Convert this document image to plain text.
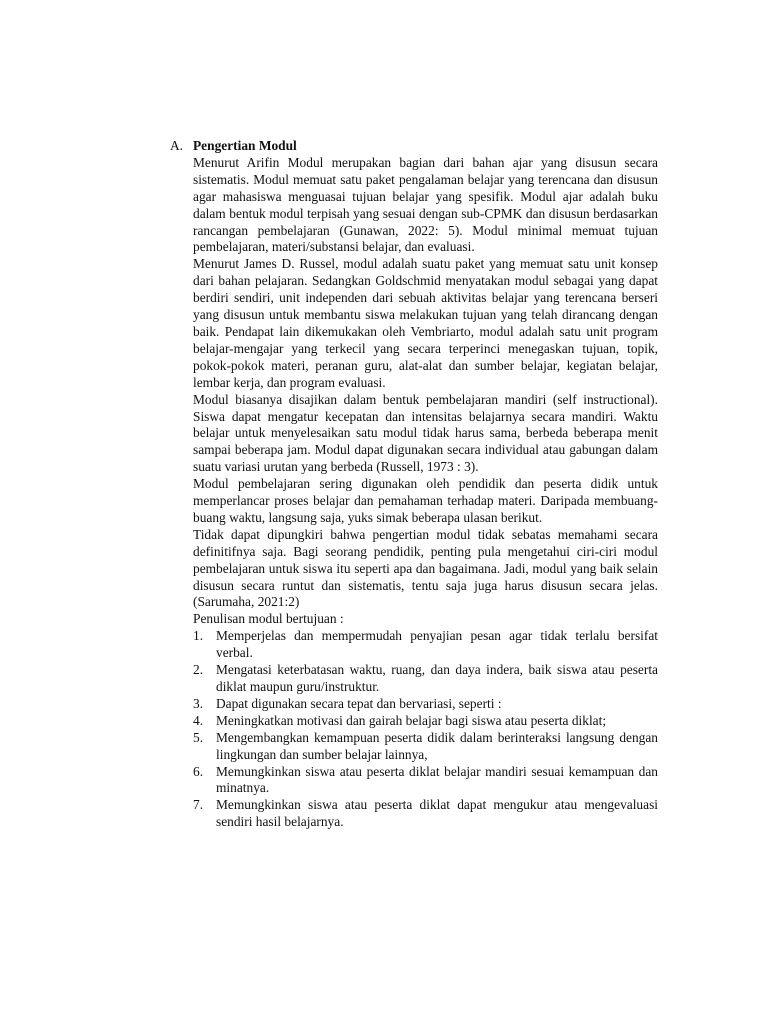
A. Pengertian Modul

Menurut Arifin Modul merupakan bagian dari bahan ajar yang disusun secara sistematis. Modul memuat satu paket pengalaman belajar yang terencana dan disusun agar mahasiswa menguasai tujuan belajar yang spesifik. Modul ajar adalah buku dalam bentuk modul terpisah yang sesuai dengan sub-CPMK dan disusun berdasarkan rancangan pembelajaran (Gunawan, 2022: 5). Modul minimal memuat tujuan pembelajaran, materi/substansi belajar, dan evaluasi.

Menurut James D. Russel, modul adalah suatu paket yang memuat satu unit konsep dari bahan pelajaran. Sedangkan Goldschmid menyatakan modul sebagai yang dapat berdiri sendiri, unit independen dari sebuah aktivitas belajar yang terencana berseri yang disusun untuk membantu siswa melakukan tujuan yang telah dirancang dengan baik. Pendapat lain dikemukakan oleh Vembriarto, modul adalah satu unit program belajar-mengajar yang terkecil yang secara terperinci menegaskan tujuan, topik, pokok-pokok materi, peranan guru, alat-alat dan sumber belajar, kegiatan belajar, lembar kerja, dan program evaluasi.

Modul biasanya disajikan dalam bentuk pembelajaran mandiri (self instructional). Siswa dapat mengatur kecepatan dan intensitas belajarnya secara mandiri. Waktu belajar untuk menyelesaikan satu modul tidak harus sama, berbeda beberapa menit sampai beberapa jam. Modul dapat digunakan secara individual atau gabungan dalam suatu variasi urutan yang berbeda (Russell, 1973 : 3).

Modul pembelajaran sering digunakan oleh pendidik dan peserta didik untuk memperlancar proses belajar dan pemahaman terhadap materi. Daripada membuang-buang waktu, langsung saja, yuks simak beberapa ulasan berikut.

Tidak dapat dipungkiri bahwa pengertian modul tidak sebatas memahami secara definitifnya saja. Bagi seorang pendidik, penting pula mengetahui ciri-ciri modul pembelajaran untuk siswa itu seperti apa dan bagaimana. Jadi, modul yang baik selain disusun secara runtut dan sistematis, tentu saja juga harus disusun secara jelas.(Sarumaha, 2021:2)

Penulisan modul bertujuan :

1. Memperjelas dan mempermudah penyajian pesan agar tidak terlalu bersifat verbal.
2. Mengatasi keterbatasan waktu, ruang, dan daya indera, baik siswa atau peserta diklat maupun guru/instruktur.
3. Dapat digunakan secara tepat dan bervariasi, seperti :
4. Meningkatkan motivasi dan gairah belajar bagi siswa atau peserta diklat;
5. Mengembangkan kemampuan peserta didik dalam berinteraksi langsung dengan lingkungan dan sumber belajar lainnya,
6. Memungkinkan siswa atau peserta diklat belajar mandiri sesuai kemampuan dan minatnya.
7. Memungkinkan siswa atau peserta diklat dapat mengukur atau mengevaluasi sendiri hasil belajarnya.
